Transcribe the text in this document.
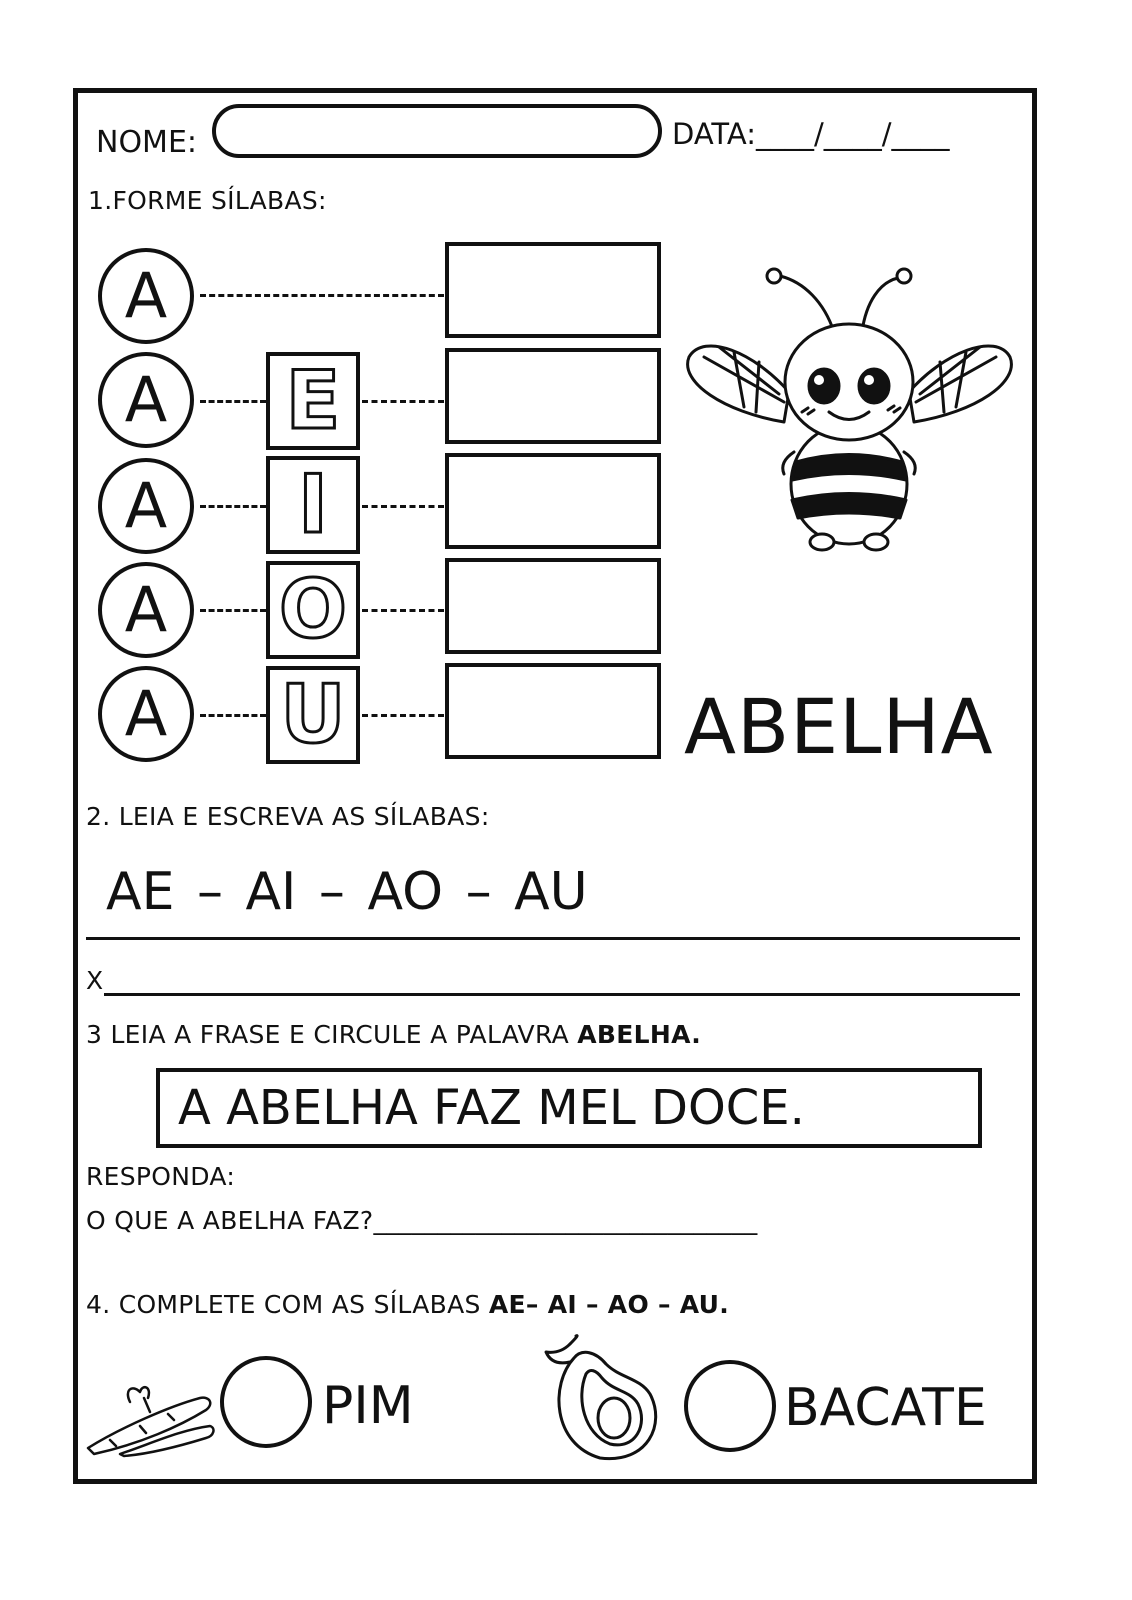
NOME:	DATA:____/____/____
1.FORME SÍLABAS:
A
A E
A I
A O
A U	ABELHA
2. LEIA E ESCREVA AS SÍLABAS:
AE – AI – AO – AU
X
3 LEIA A FRASE E CIRCULE A PALAVRA ABELHA.
A ABELHA FAZ MEL DOCE.
RESPONDA:
O QUE A ABELHA FAZ?______________________________
4. COMPLETE COM AS SÍLABAS AE– AI – AO – AU.
PIM	BACATE
